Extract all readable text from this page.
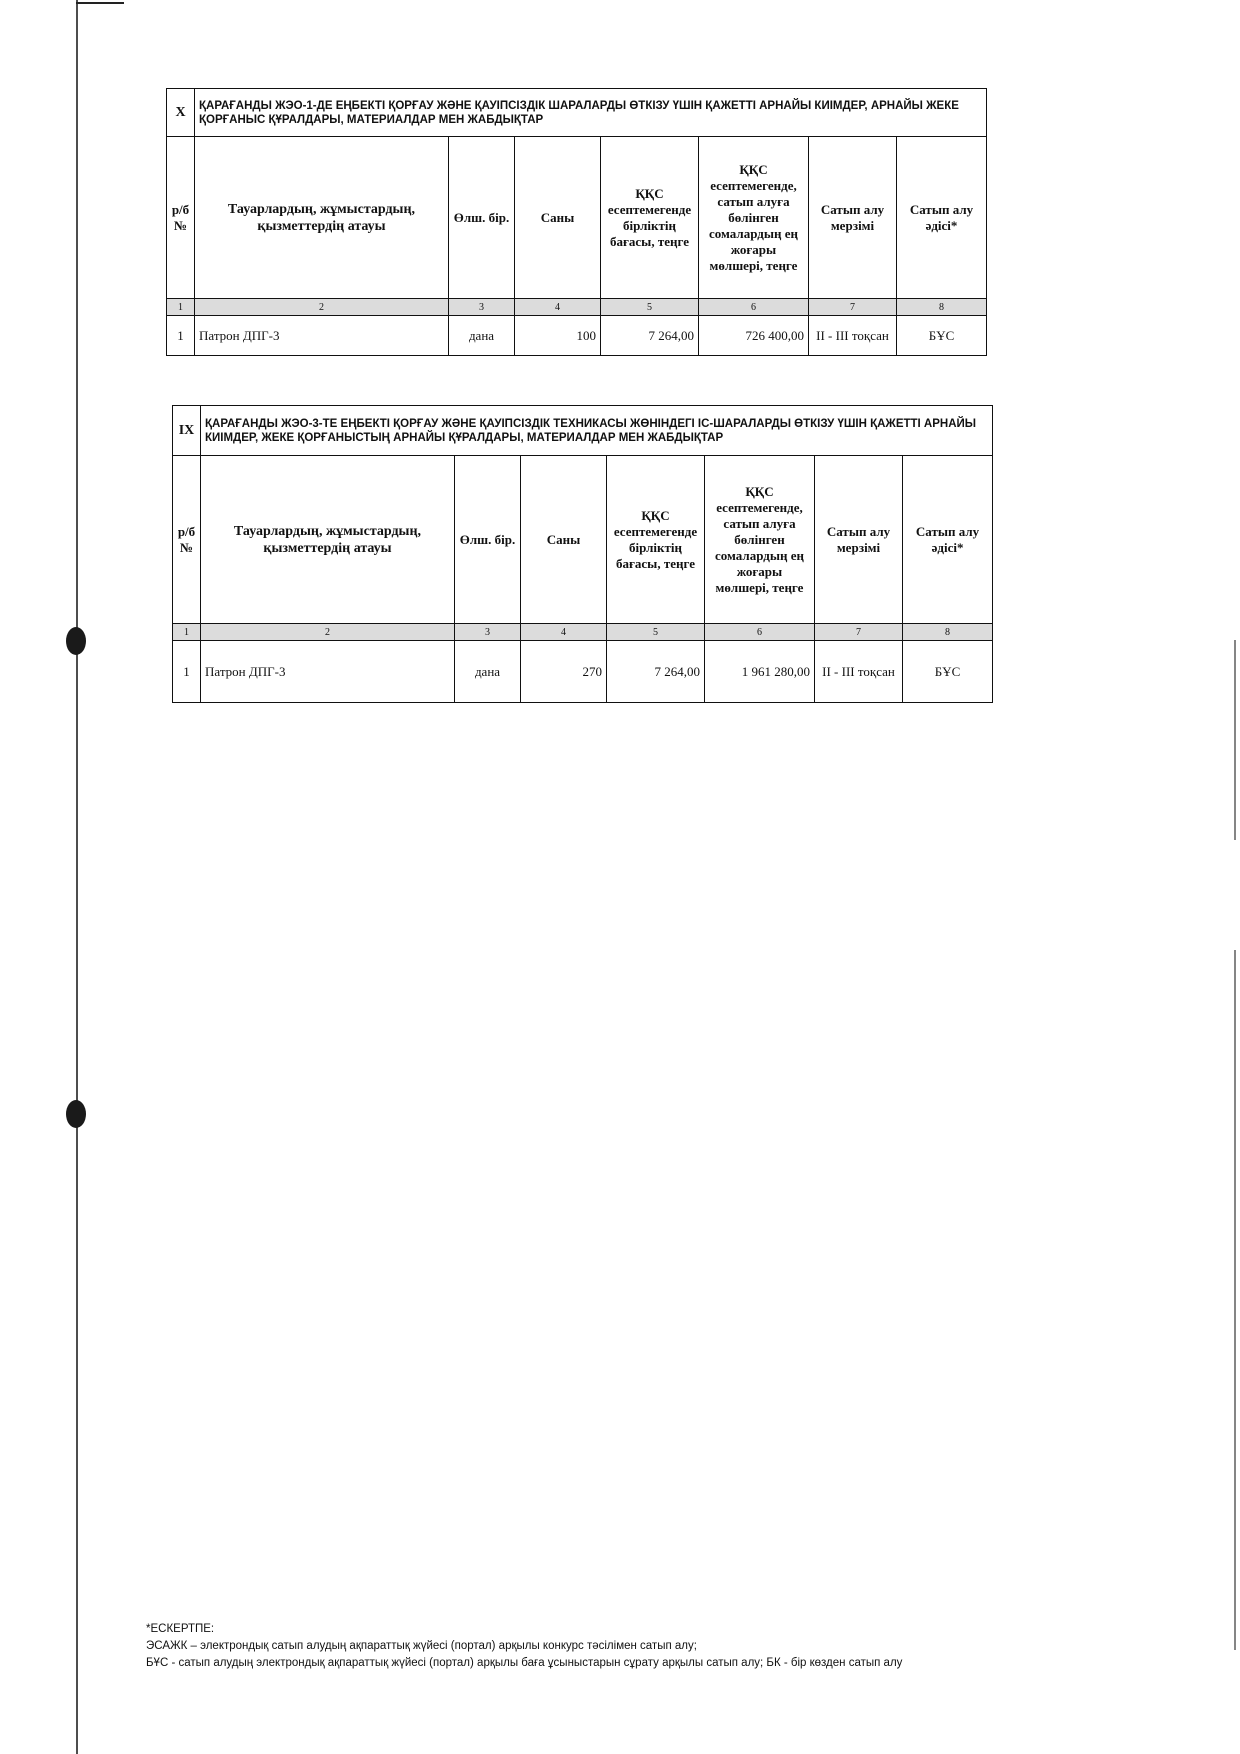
Х	ҚАРАҒАНДЫ ЖЭО-1-ДЕ ЕҢБЕКТІ ҚОРҒАУ ЖӘНЕ ҚАУІПСІЗДІК ШАРАЛАРДЫ ӨТКІЗУ ҮШІН ҚАЖЕТТІ АРНАЙЫ КИІМДЕР, АРНАЙЫ ЖЕКЕ ҚОРҒАНЫС ҚҰРАЛДАРЫ, МАТЕРИАЛДАР МЕН ЖАБДЫҚТАР						
р/б №	Тауарлардың, жұмыстардың, қызметтердің атауы	Өлш. бір.	Саны	ҚҚС есептемегенде бірліктің бағасы, теңге	ҚҚС есептемегенде, сатып алуға бөлінген сомалардың ең жоғары мөлшері, теңге	Сатып алу мерзімі	Сатып алу әдісі*
1	2	3	4	5	6	7	8
1	Патрон ДПГ-3	дана	100	7 264,00	726 400,00	ІІ - ІІІ тоқсан	БҰС
ІХ	ҚАРАҒАНДЫ ЖЭО-3-ТЕ ЕҢБЕКТІ ҚОРҒАУ ЖӘНЕ ҚАУІПСІЗДІК ТЕХНИКАСЫ ЖӨНІНДЕГІ ІС-ШАРАЛАРДЫ ӨТКІЗУ ҮШІН ҚАЖЕТТІ АРНАЙЫ КИІМДЕР, ЖЕКЕ ҚОРҒАНЫСТЫҢ АРНАЙЫ ҚҰРАЛДАРЫ, МАТЕРИАЛДАР МЕН ЖАБДЫҚТАР						
р/б №	Тауарлардың, жұмыстардың, қызметтердің атауы	Өлш. бір.	Саны	ҚҚС есептемегенде бірліктің бағасы, теңге	ҚҚС есептемегенде, сатып алуға бөлінген сомалардың ең жоғары мөлшері, теңге	Сатып алу мерзімі	Сатып алу әдісі*
1	2	3	4	5	6	7	8
1	Патрон ДПГ-3	дана	270	7 264,00	1 961 280,00	ІІ - ІІІ тоқсан	БҰС
*ЕСКЕРТПЕ:
ЭСАЖК – электрондық сатып алудың ақпараттық жүйесі (портал) арқылы конкурс тәсілімен сатып алу;
БҰС - сатып алудың электрондық ақпараттық жүйесі (портал) арқылы баға ұсыныстарын сұрату арқылы сатып алу; БК - бір көзден сатып алу
